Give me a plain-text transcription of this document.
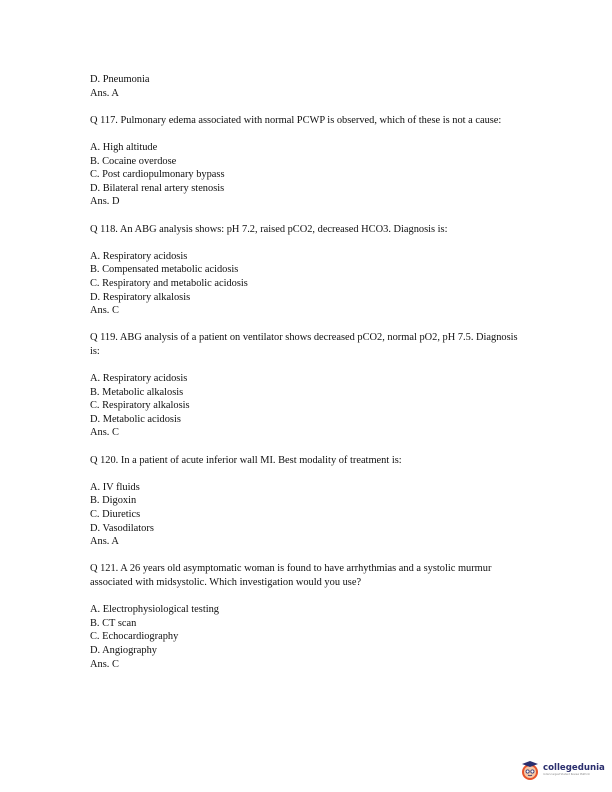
D. Pneumonia
Ans. A
Q 117. Pulmonary edema associated with normal PCWP is observed, which of these is not a cause:
A. High altitude
B. Cocaine overdose
C. Post cardiopulmonary bypass
D. Bilateral renal artery stenosis
Ans. D
Q 118. An ABG analysis shows: pH 7.2, raised pCO2, decreased HCO3. Diagnosis is:
A. Respiratory acidosis
B. Compensated metabolic acidosis
C. Respiratory and metabolic acidosis
D. Respiratory alkalosis
Ans. C
Q 119. ABG analysis of a patient on ventilator shows decreased pCO2, normal pO2, pH 7.5. Diagnosis is:
A. Respiratory acidosis
B. Metabolic alkalosis
C. Respiratory alkalosis
D. Metabolic acidosis
Ans. C
Q 120. In a patient of acute inferior wall MI. Best modality of treatment is:
A. IV fluids
B. Digoxin
C. Diuretics
D. Vasodilators
Ans. A
Q 121. A 26 years old asymptomatic woman is found to have arrhythmias and a systolic murmur associated with midsystolic. Which investigation would you use?
A. Electrophysiological testing
B. CT scan
C. Echocardiography
D. Angiography
Ans. C
collegedunia
India's largest Student Review Platform
